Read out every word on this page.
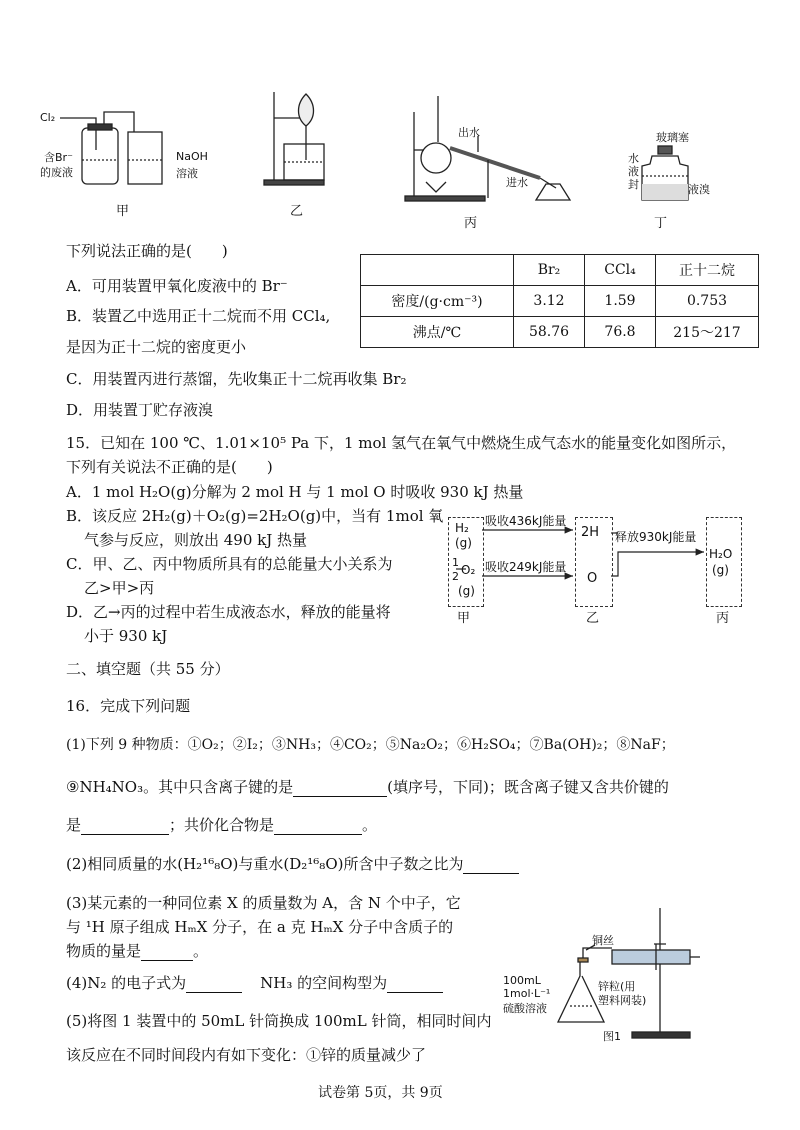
Cl₂
含Br⁻
的废液
NaOH
溶液
甲	乙
出水
进水
丙
玻璃塞
水
液
封	液溴
丁
下列说法正确的是(　　)
A．可用装置甲氧化废液中的 Br⁻
B．装置乙中选用正十二烷而不用 CCl₄,
是因为正十二烷的密度更小
C．用装置丙进行蒸馏，先收集正十二烷再收集 Br₂
D．用装置丁贮存液溴
	Br₂	CCl₄	正十二烷
密度/(g·cm⁻³)	3.12	1.59	0.753
沸点/℃	58.76	76.8	215～217
15．已知在 100 ℃、1.01×10⁵ Pa 下，1 mol 氢气在氧气中燃烧生成气态水的能量变化如图所示，
下列有关说法不正确的是(　　)
A．1 mol H₂O(g)分解为 2 mol H 与 1 mol O 时吸收 930 kJ 热量
B．该反应 2H₂(g)＋O₂(g)=2H₂O(g)中，当有 1mol 氧
气参与反应，则放出 490 kJ 热量
C．甲、乙、丙中物质所具有的总能量大小关系为
乙>甲>丙
D．乙→丙的过程中若生成液态水，释放的能量将
小于 930 kJ
H₂
(g)
1
2 O₂
(g)
吸收436kJ能量
吸收249kJ能量
2H
O
释放930kJ能量
H₂O
(g)
甲	乙	丙
二、填空题（共 55 分）
16．完成下列问题
(1)下列 9 种物质：①O₂；②I₂；③NH₃；④CO₂；⑤Na₂O₂；⑥H₂SO₄；⑦Ba(OH)₂；⑧NaF；
⑨NH₄NO₃。其中只含离子键的是	(填序号，下同)；既含离子键又含共价键的
是	；共价化合物是	。
(2)相同质量的水(H₂¹⁶₈O)与重水(D₂¹⁶₈O)所含中子数之比为
(3)某元素的一种同位素 X 的质量数为 A，含 N 个中子，它
与 ¹H 原子组成 HₘX 分子，在 a 克 HₘX 分子中含质子的
物质的量是	。
(4)N₂ 的电子式为	NH₃ 的空间构型为
(5)将图 1 装置中的 50mL 针筒换成 100mL 针筒，相同时间内
该反应在不同时间段内有如下变化：①锌的质量减少了
铜丝
100mL
1mol·L⁻¹
硫酸溶液
锌粒(用
塑料网装)
图1
试卷第 5页，共 9页
